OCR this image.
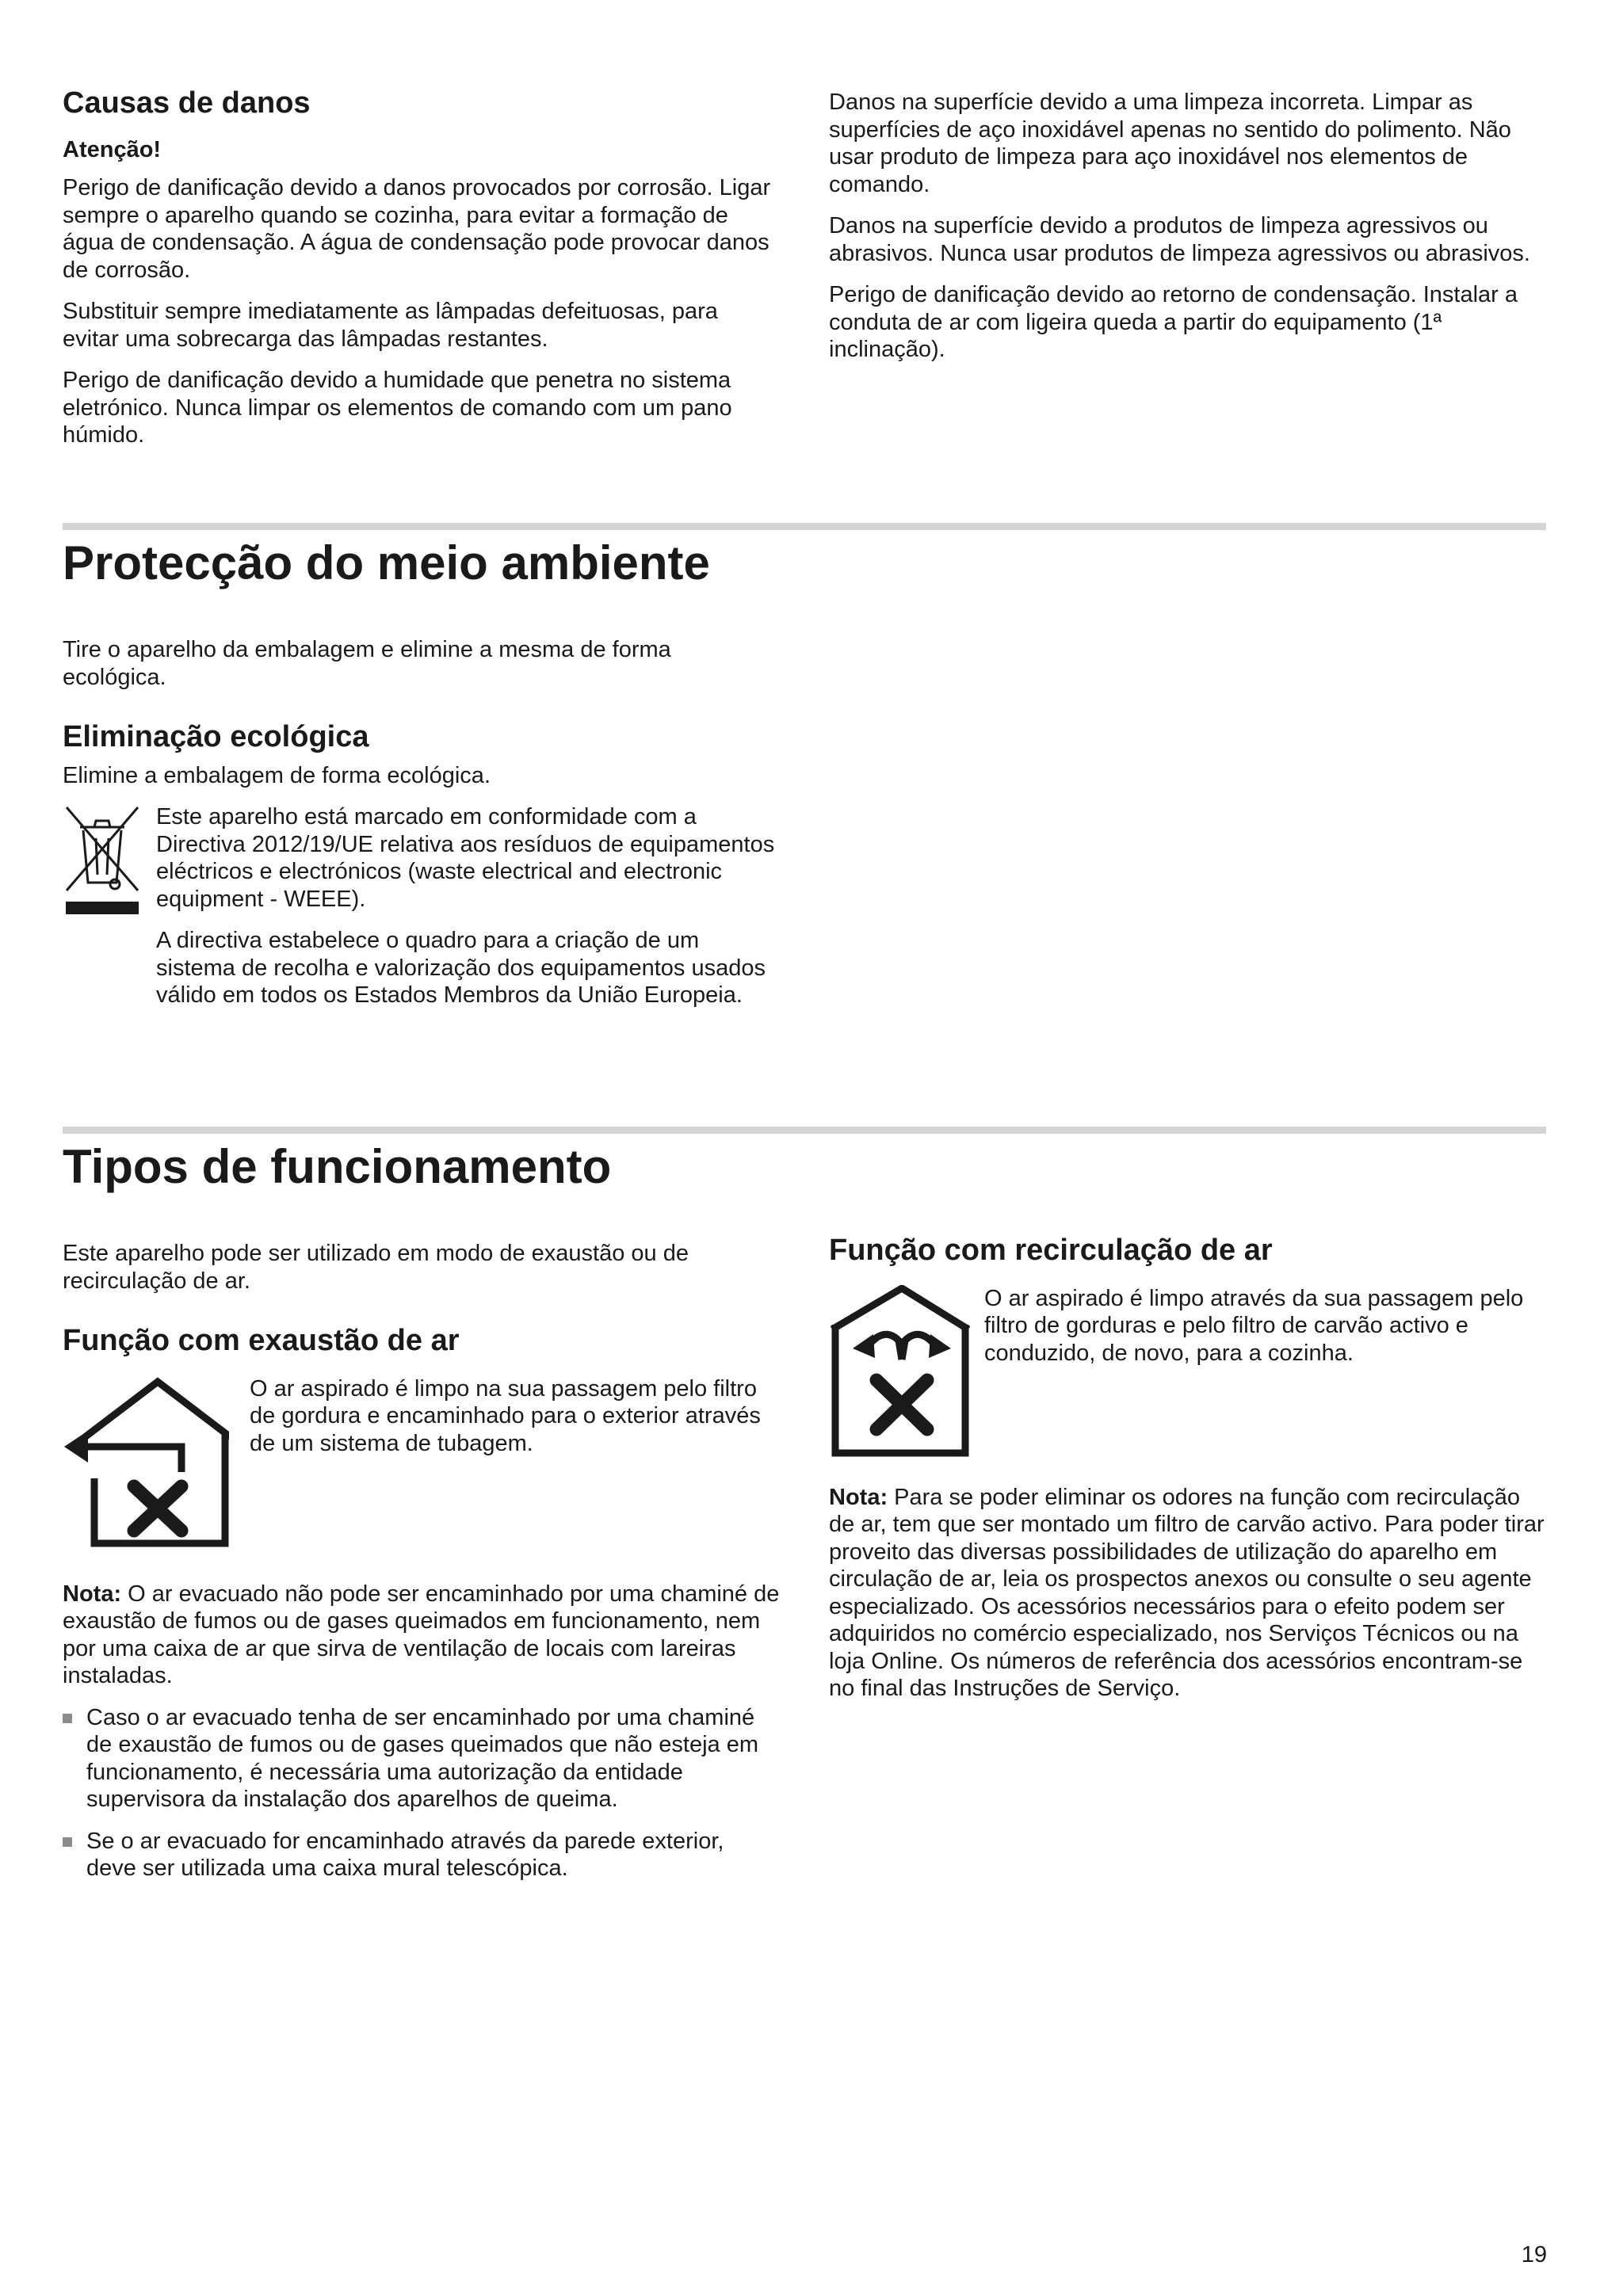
Causas de danos
Atenção!

Perigo de danificação devido a danos provocados por corrosão. Ligar sempre o aparelho quando se cozinha, para evitar a formação de água de condensação. A água de condensação pode provocar danos de corrosão.

Substituir sempre imediatamente as lâmpadas defeituosas, para evitar uma sobrecarga das lâmpadas restantes.

Perigo de danificação devido a humidade que penetra no sistema eletrónico. Nunca limpar os elementos de comando com um pano húmido.

Danos na superfície devido a uma limpeza incorreta. Limpar as superfícies de aço inoxidável apenas no sentido do polimento. Não usar produto de limpeza para aço inoxidável nos elementos de comando.

Danos na superfície devido a produtos de limpeza agressivos ou abrasivos. Nunca usar produtos de limpeza agressivos ou abrasivos.

Perigo de danificação devido ao retorno de condensação. Instalar a conduta de ar com ligeira queda a partir do equipamento (1ª inclinação).

Protecção do meio ambiente

Tire o aparelho da embalagem e elimine a mesma de forma ecológica.

Eliminação ecológica

Elimine a embalagem de forma ecológica.

Este aparelho está marcado em conformidade com a Directiva 2012/19/UE relativa aos resíduos de equipamentos eléctricos e electrónicos (waste electrical and electronic equipment - WEEE).

A directiva estabelece o quadro para a criação de um sistema de recolha e valorização dos equipamentos usados válido em todos os Estados Membros da União Europeia.

Tipos de funcionamento

Este aparelho pode ser utilizado em modo de exaustão ou de recirculação de ar.

Função com exaustão de ar

O ar aspirado é limpo na sua passagem pelo filtro de gordura e encaminhado para o exterior através de um sistema de tubagem.

Nota: O ar evacuado não pode ser encaminhado por uma chaminé de exaustão de fumos ou de gases queimados em funcionamento, nem por uma caixa de ar que sirva de ventilação de locais com lareiras instaladas.

Caso o ar evacuado tenha de ser encaminhado por uma chaminé de exaustão de fumos ou de gases queimados que não esteja em funcionamento, é necessária uma autorização da entidade supervisora da instalação dos aparelhos de queima.

Se o ar evacuado for encaminhado através da parede exterior, deve ser utilizada uma caixa mural telescópica.

Função com recirculação de ar

O ar aspirado é limpo através da sua passagem pelo filtro de gorduras e pelo filtro de carvão activo e conduzido, de novo, para a cozinha.

Nota: Para se poder eliminar os odores na função com recirculação de ar, tem que ser montado um filtro de carvão activo. Para poder tirar proveito das diversas possibilidades de utilização do aparelho em circulação de ar, leia os prospectos anexos ou consulte o seu agente especializado. Os acessórios necessários para o efeito podem ser adquiridos no comércio especializado, nos Serviços Técnicos ou na loja Online. Os números de referência dos acessórios encontram-se no final das Instruções de Serviço.

19
